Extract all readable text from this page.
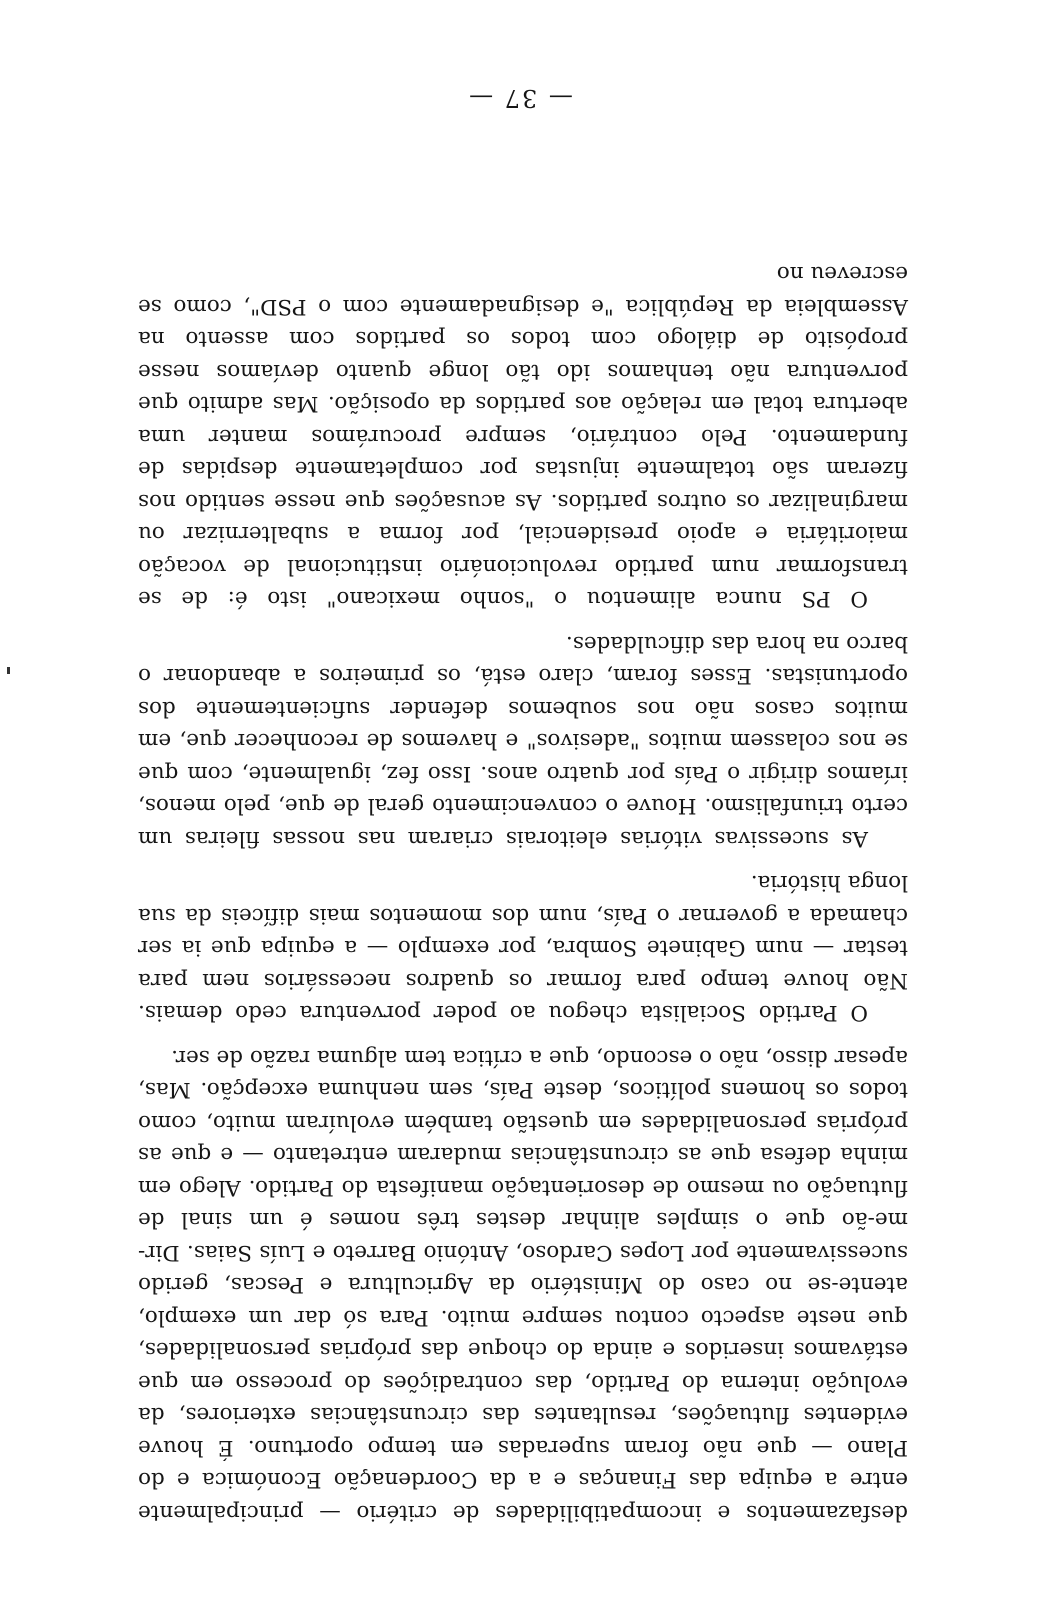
desfazamentos e incompatibilidades de critério — principalmente entre a equipa das Finanças e a da Coordenação Económica e do Plano — que não foram superadas em tempo oportuno. É houve evidentes flutuações, resultantes das circunstâncias exteriores, da evolução interna do Partido, das contradições do processo em que estávamos inseridos e ainda do choque das próprias personalidades, que neste aspecto contou sempre muito. Para só dar um exemplo, atente-se no caso do Ministério da Agricultura e Pescas, gerido sucessivamente por Lopes Cardoso, António Barreto e Luís Saias. Dir-me-ão que o simples alinhar destes três nomes é um sinal de flutuação ou mesmo de desorientação manifesta do Partido. Alego em minha defesa que as circunstâncias mudaram entretanto — e que as próprias personalidades em questão também evoluíram muito, como todos os homens políticos, deste País, sem nenhuma excepção. Mas, apesar disso, não o escondo, que a crítica tem alguma razão de ser.

O Partido Socialista chegou ao poder porventura cedo demais. Não houve tempo para formar os quadros necessários nem para testar — num Gabinete Sombra, por exemplo — a equipa que ia ser chamada a governar o País, num dos momentos mais difíceis da sua longa história.

As sucessivas vitórias eleitorais criaram nas nossas fileiras um certo triunfalismo. Houve o convencimento geral de que, pelo menos, iríamos dirigir o País por quatro anos. Isso fez, igualmente, com que se nos colassem muitos "adesivos" e havemos de reconhecer que, em muitos casos não nos soubemos defender suficientemente dos oportunistas. Esses foram, claro está, os primeiros a abandonar o barco na hora das dificuldades.

O PS nunca alimentou o "sonho mexicano" isto é: de se transformar num partido revolucionário institucional de vocação maioritária e apoio presidencial, por forma a subalternizar ou marginalizar os outros partidos. As acusações que nesse sentido nos fizeram são totalmente injustas por completamente despidas de fundamento. Pelo contrário, sempre procurámos manter uma abertura total em relação aos partidos da oposição. Mas admito que porventura não tenhamos ido tão longe quanto devíamos nesse propósito de diálogo com todos os partidos com assento na Assembleia da República "e designadamente com o PSD", como se escreveu no

— 37 —
